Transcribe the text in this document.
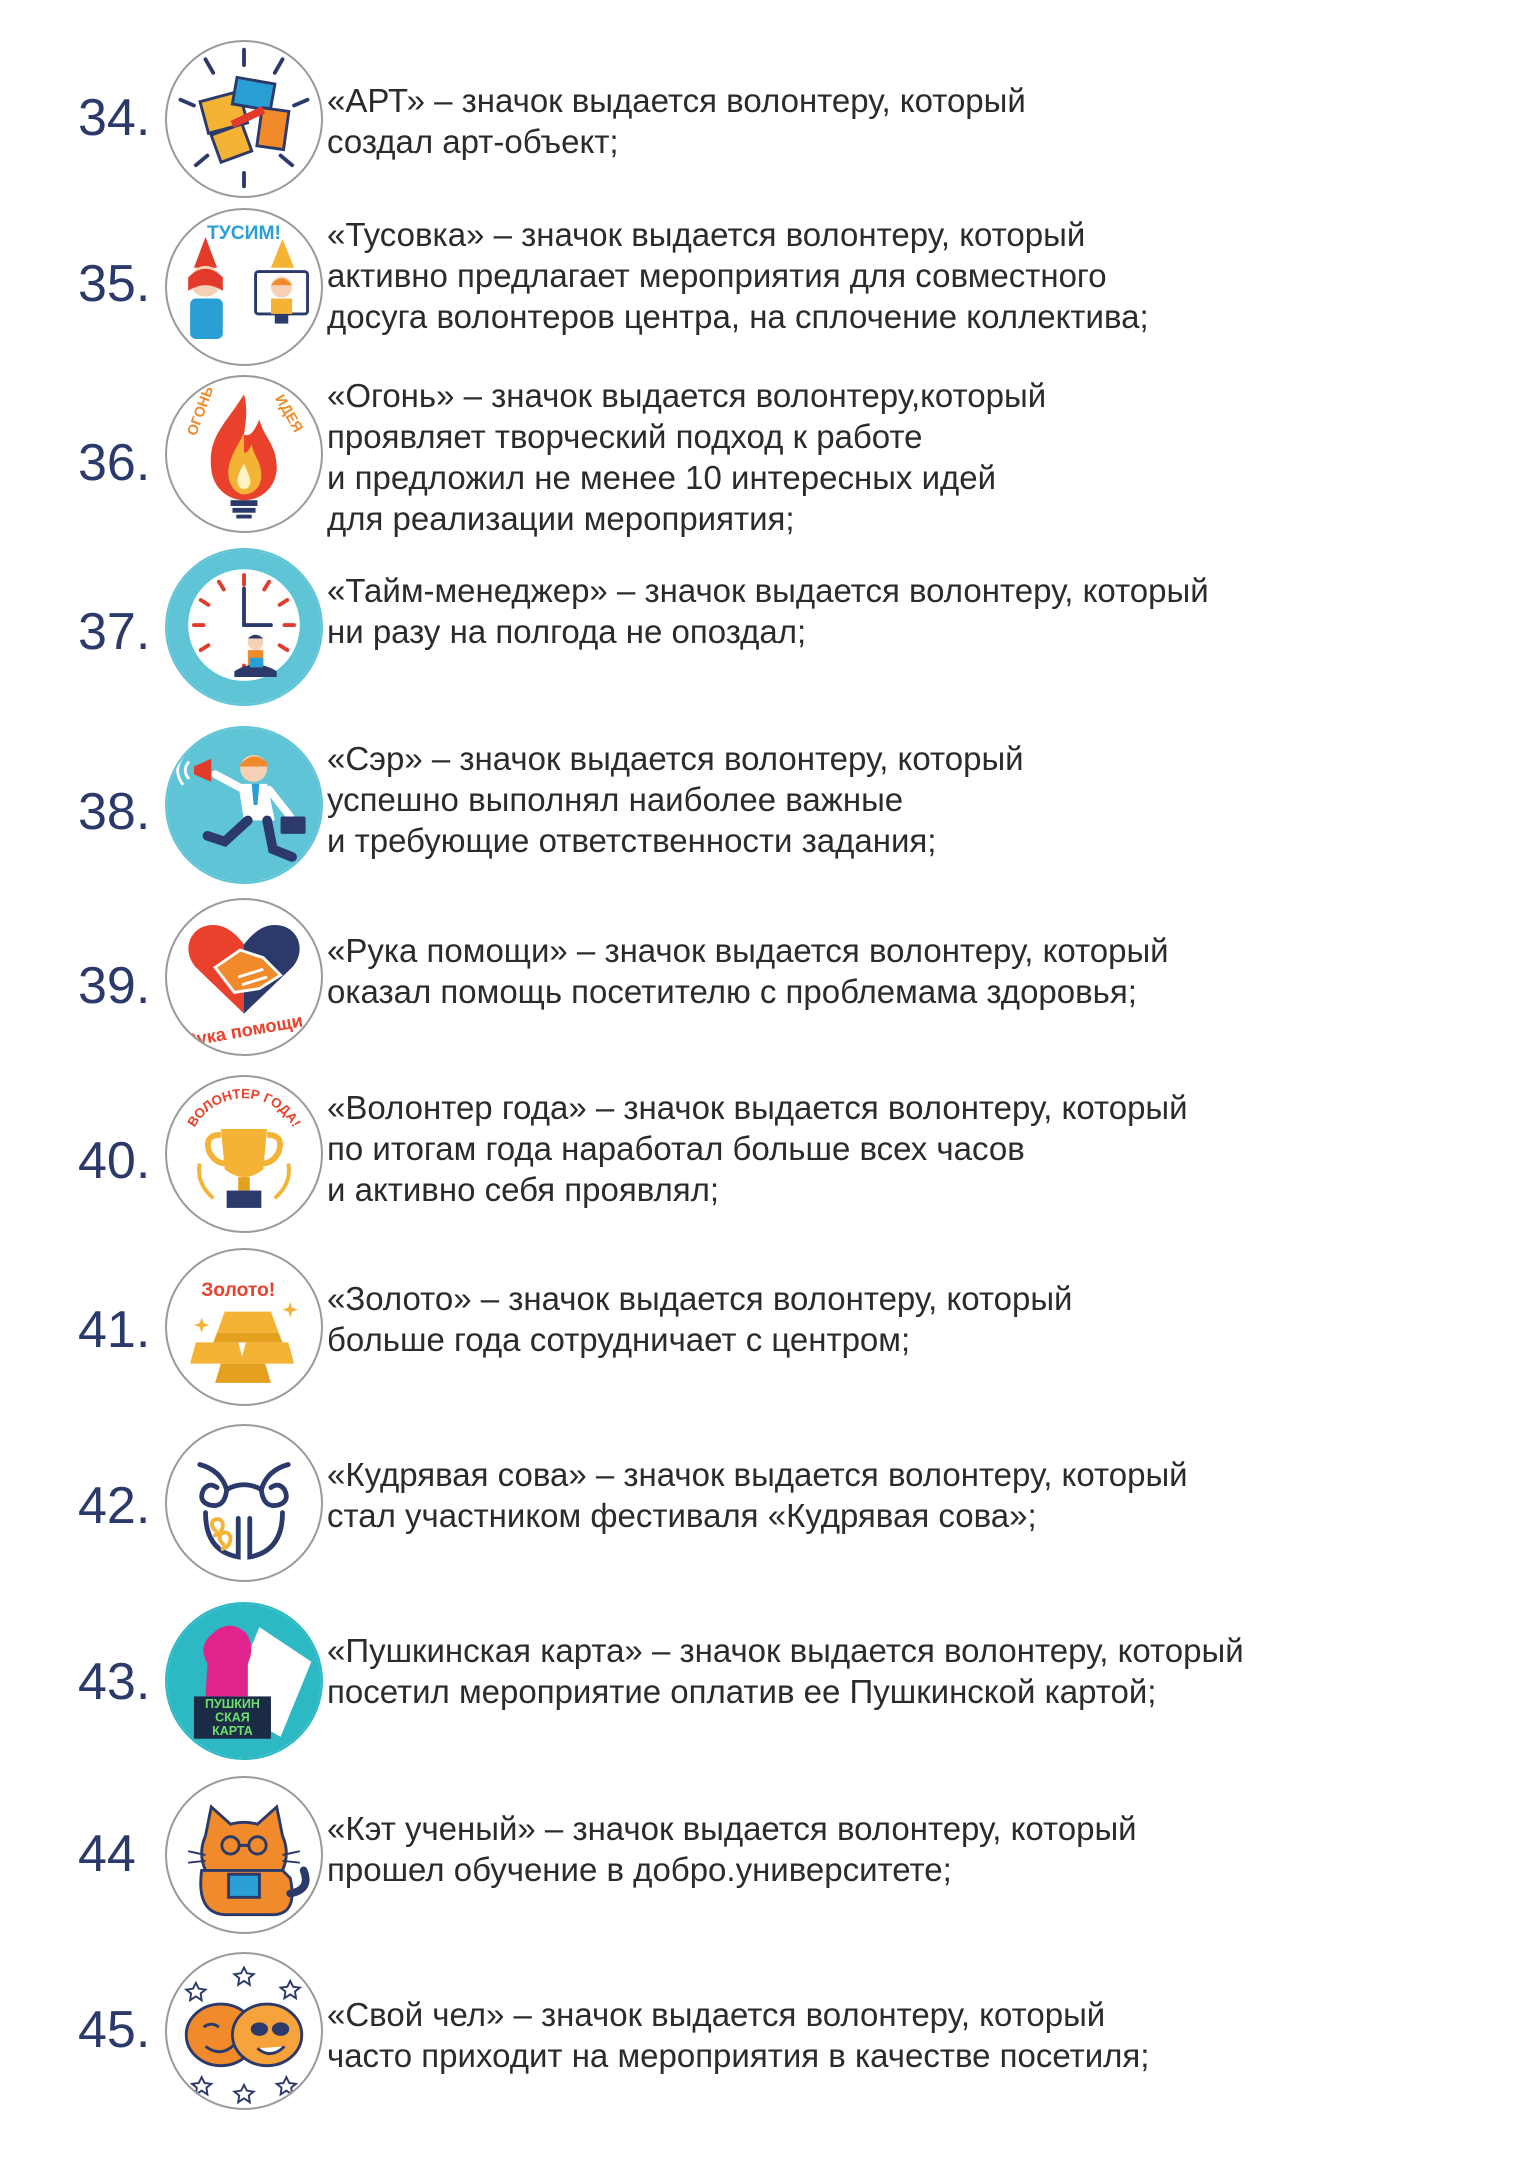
34.	«АРТ» – значок выдается волонтеру, который
создал арт-объект;
35.
ТУСИМ! «Тусовка» – значок выдается волонтеру, который
активно предлагает мероприятия для совместного
досуга волонтеров центра, на сплочение коллектива;
36.
ОГОНЬ	ИДЕЯ «Огонь» – значок выдается волонтеру,который
проявляет творческий подход к работе
и предложил не менее 10 интересных идей
для реализации мероприятия;
37.
«Тайм-менеджер» – значок выдается волонтеру, который
ни разу на полгода не опоздал;
38.
«Сэр» – значок выдается волонтеру, который
успешно выполнял наиболее важные
и требующие ответственности задания;
39.
Рука помощи
«Рука помощи» – значок выдается волонтеру, который
оказал помощь посетителю с проблемама здоровья;
40.
ВОЛОНТЕР ГОДА! «Волонтер года» – значок выдается волонтеру, который
по итогам года наработал больше всех часов
и активно себя проявлял;
41.
Золото! «Золото» – значок выдается волонтеру, который
больше года сотрудничает с центром;
42.
«Кудрявая сова» – значок выдается волонтеру, который
стал участником фестиваля «Кудрявая сова»;
43.	ПУШКИН
СКАЯ
КАРТА
«Пушкинская карта» – значок выдается волонтеру, который
посетил мероприятие оплатив ее Пушкинской картой;
44	«Кэт ученый» – значок выдается волонтеру, который
прошел обучение в добро.университете;
45.	«Свой чел» – значок выдается волонтеру, который
часто приходит на мероприятия в качестве посетиля;
